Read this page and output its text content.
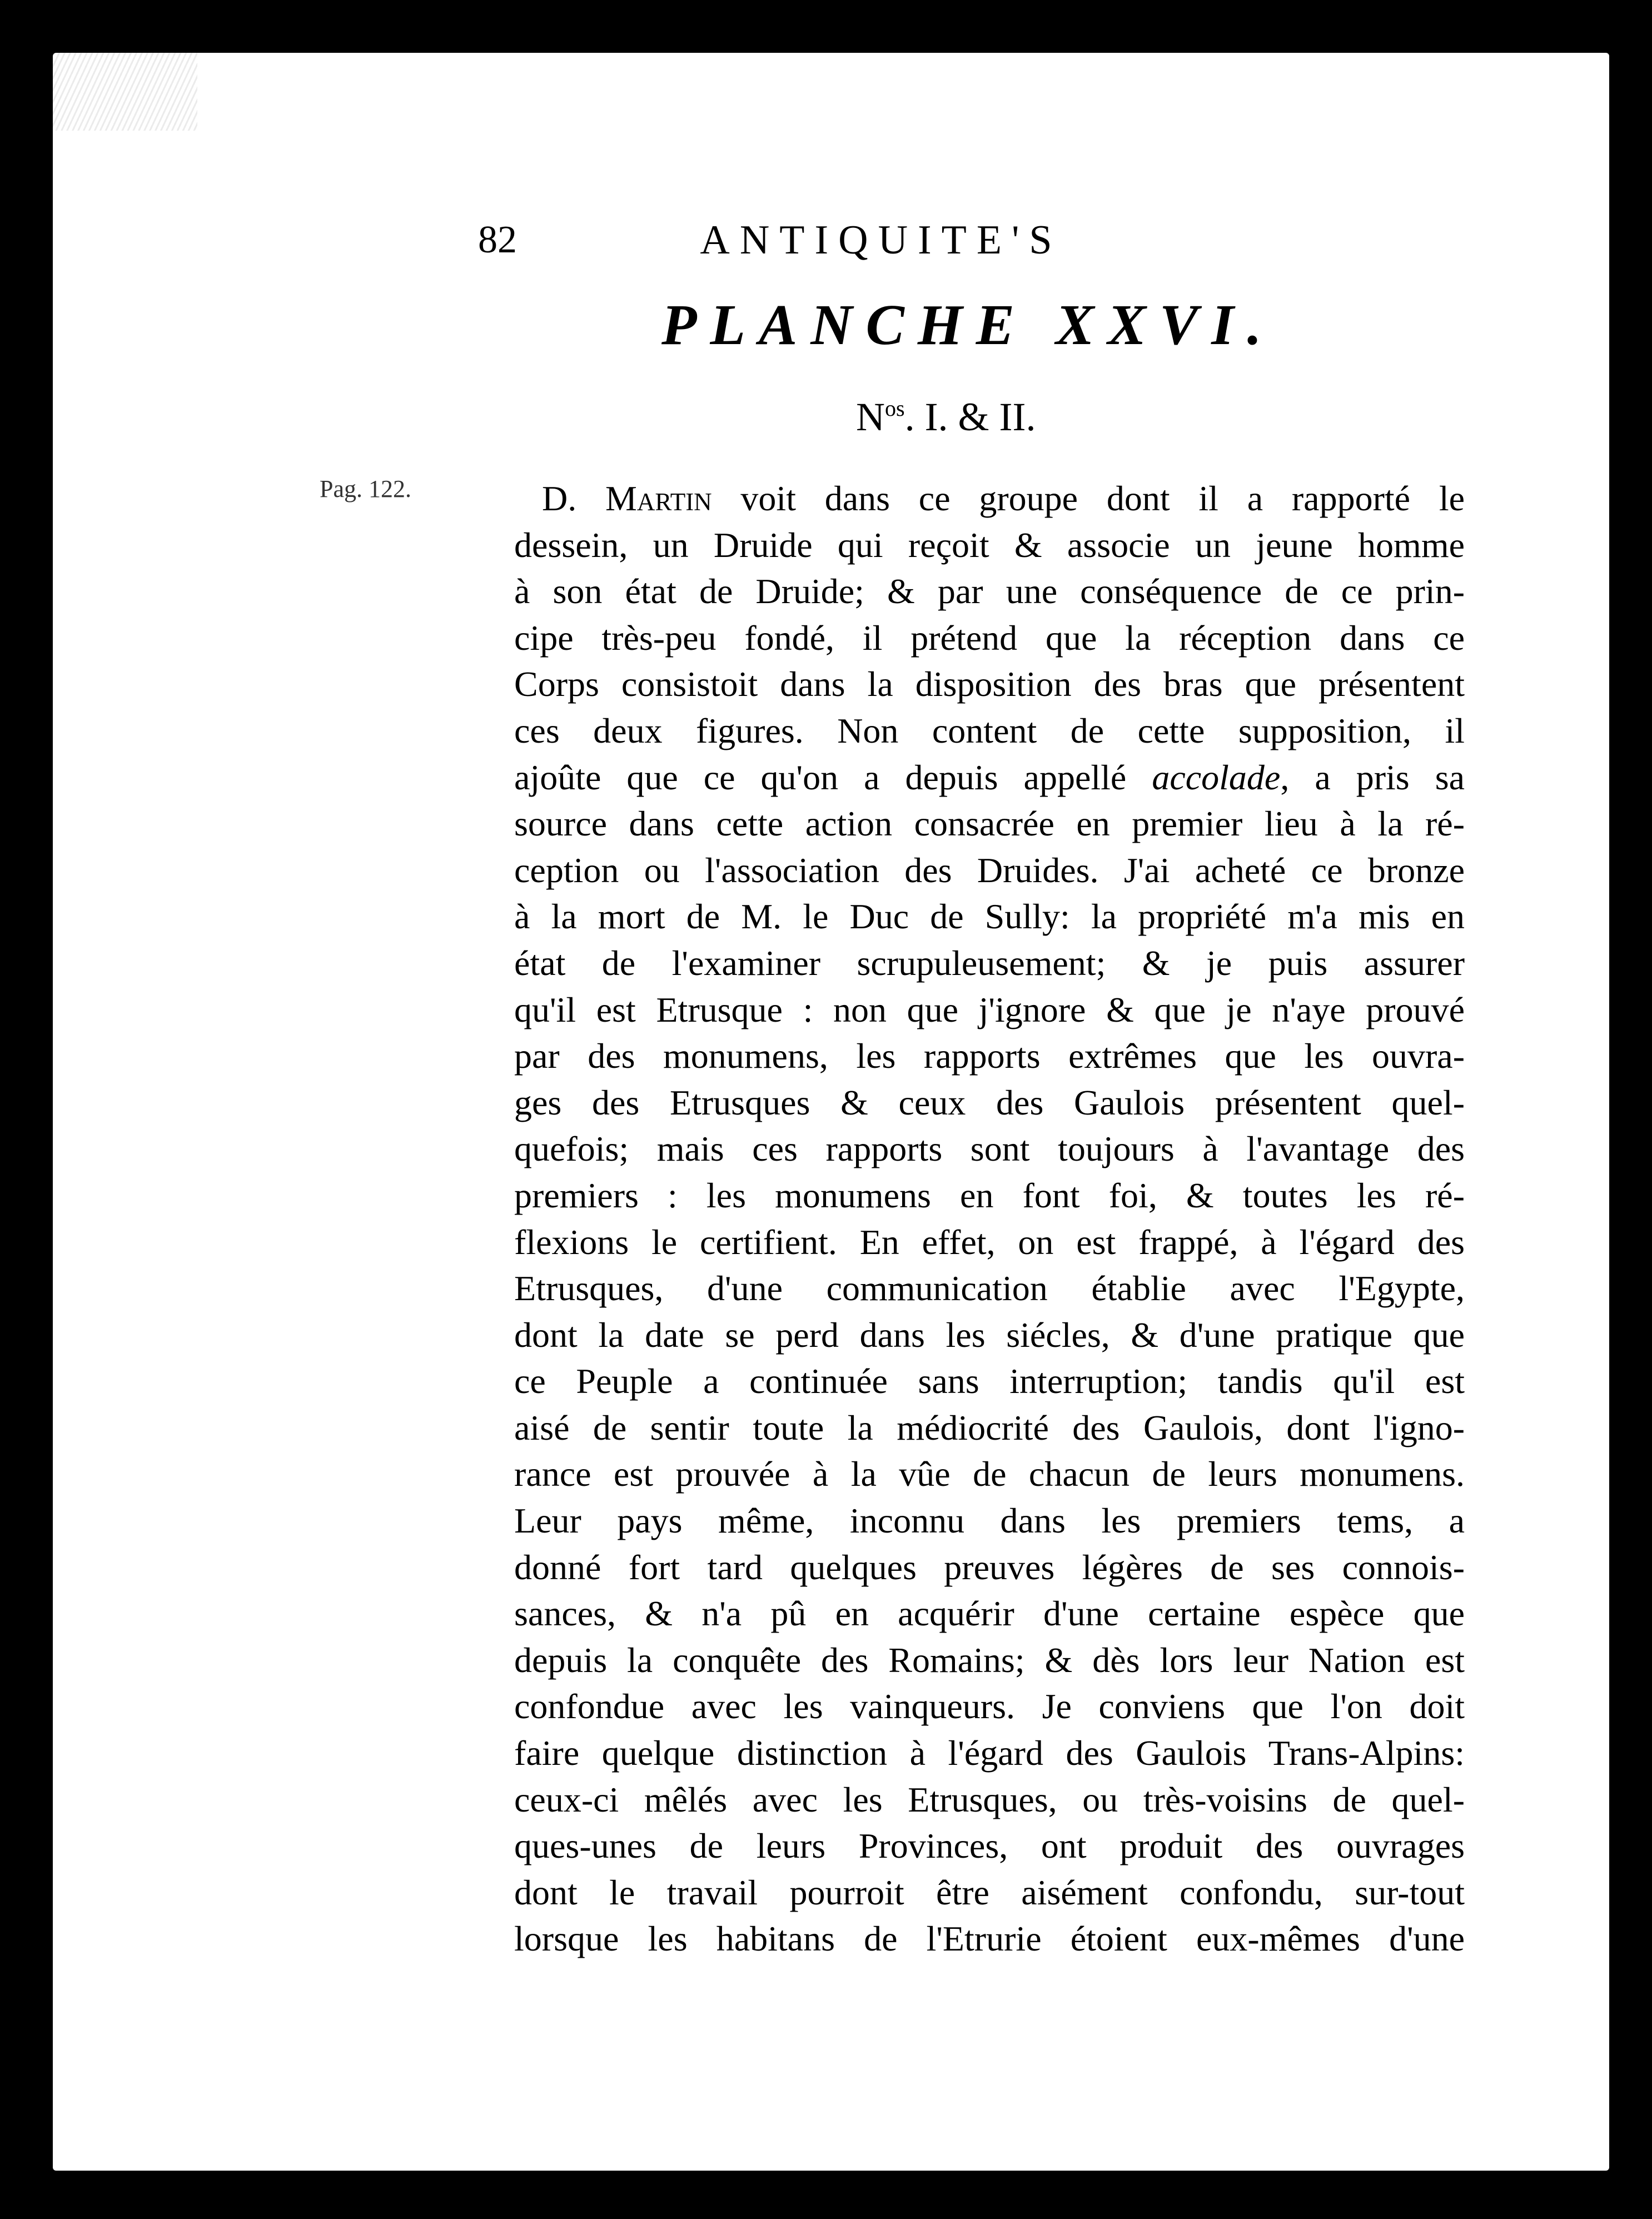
82	ANTIQUITE'S
PLANCHE XXVI.
$N^{os}$. I. & II.
Pag. 122.	D. Martin voit dans ce groupe dont il a rapporté le
dessein, un Druide qui reçoit & associe un jeune homme
à son état de Druide; & par une conséquence de ce prin-
cipe très-peu fondé, il prétend que la réception dans ce
Corps consistoit dans la disposition des bras que présentent
ces deux figures. Non content de cette supposition, il
ajoûte que ce qu'on a depuis appellé accolade, a pris sa
source dans cette action consacrée en premier lieu à la ré-
ception ou l'association des Druides. J'ai acheté ce bronze
à la mort de M. le Duc de Sully: la propriété m'a mis en
état de l'examiner scrupuleusement; & je puis assurer
qu'il est Etrusque : non que j'ignore & que je n'aye prouvé
par des monumens, les rapports extrêmes que les ouvra-
ges des Etrusques & ceux des Gaulois présentent quel-
quefois; mais ces rapports sont toujours à l'avantage des
premiers : les monumens en font foi, & toutes les ré-
flexions le certifient. En effet, on est frappé, à l'égard des
Etrusques, d'une communication établie avec l'Egypte,
dont la date se perd dans les siécles, & d'une pratique que
ce Peuple a continuée sans interruption; tandis qu'il est
aisé de sentir toute la médiocrité des Gaulois, dont l'igno-
rance est prouvée à la vûe de chacun de leurs monumens.
Leur pays même, inconnu dans les premiers tems, a
donné fort tard quelques preuves légères de ses connois-
sances, & n'a pû en acquérir d'une certaine espèce que
depuis la conquête des Romains; & dès lors leur Nation est
confondue avec les vainqueurs. Je conviens que l'on doit
faire quelque distinction à l'égard des Gaulois Trans-Alpins:
ceux-ci mêlés avec les Etrusques, ou très-voisins de quel-
ques-unes de leurs Provinces, ont produit des ouvrages
dont le travail pourroit être aisément confondu, sur-tout
lorsque les habitans de l'Etrurie étoient eux-mêmes d'une
